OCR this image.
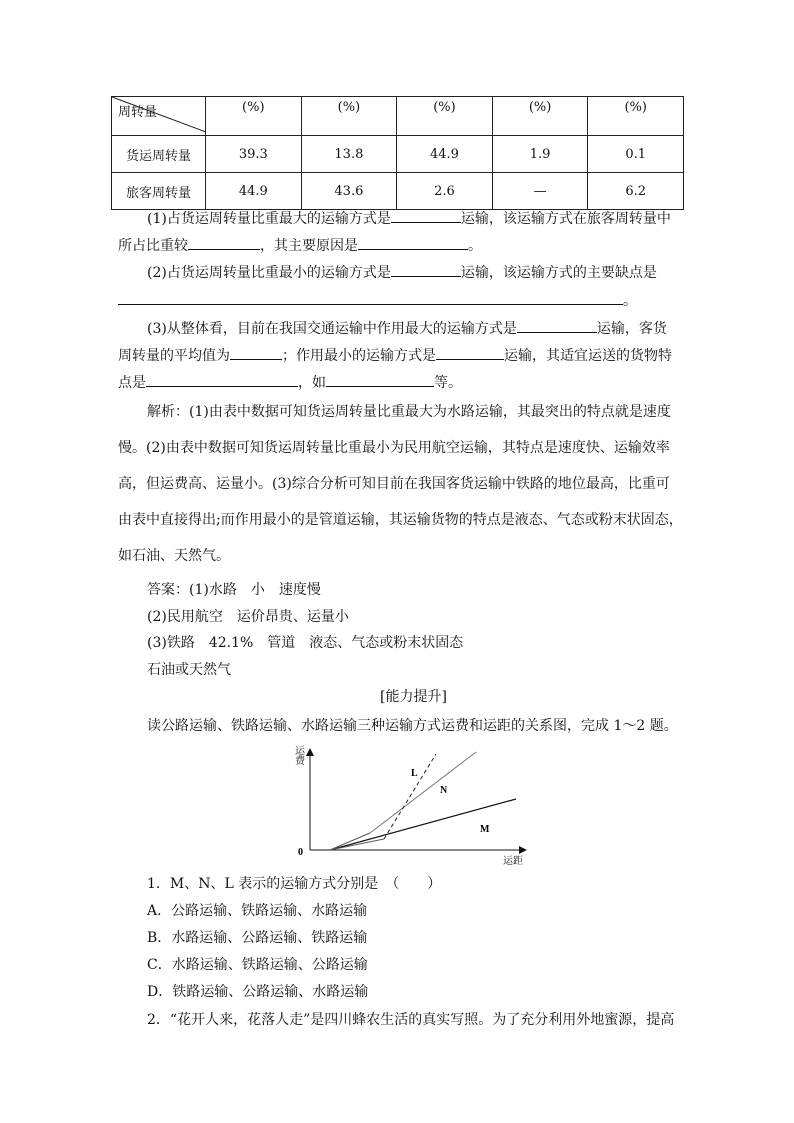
周转量	(%)	(%)	(%)	(%)	(%)
货运周转量	39.3	13.8	44.9	1.9	0.1
旅客周转量	44.9	43.6	2.6	—	6.2
(1)占货运周转量比重最大的运输方式是	运输，该运输方式在旅客周转量中
所占比重较	，其主要原因是	。
(2)占货运周转量比重最小的运输方式是	运输，该运输方式的主要缺点是
。
(3)从整体看，目前在我国交通运输中作用最大的运输方式是	运输，客货
周转量的平均值为	；作用最小的运输方式是	运输，其适宜运送的货物特
点是	，如	等。
解析：(1)由表中数据可知货运周转量比重最大为水路运输，其最突出的特点就是速度
慢。(2)由表中数据可知货运周转量比重最小为民用航空运输，其特点是速度快、运输效率
高，但运费高、运量小。(3)综合分析可知目前在我国客货运输中铁路的地位最高，比重可
由表中直接得出;而作用最小的是管道运输，其运输货物的特点是液态、气态或粉末状固态，
如石油、天然气。
答案：(1)水路　小　速度慢
(2)民用航空　运价昂贵、运量小
(3)铁路　42.1%　管道　液态、气态或粉末状固态
石油或天然气
[能力提升]
读公路运输、铁路运输、水路运输三种运输方式运费和运距的关系图，完成 1～2 题。
0
L
N
M
运费
运距
1．M、N、L 表示的运输方式分别是　（　　）
A．公路运输、铁路运输、水路运输
B．水路运输、公路运输、铁路运输
C．水路运输、铁路运输、公路运输
D．铁路运输、公路运输、水路运输
2．“花开人来，花落人走”是四川蜂农生活的真实写照。为了充分利用外地蜜源，提高
